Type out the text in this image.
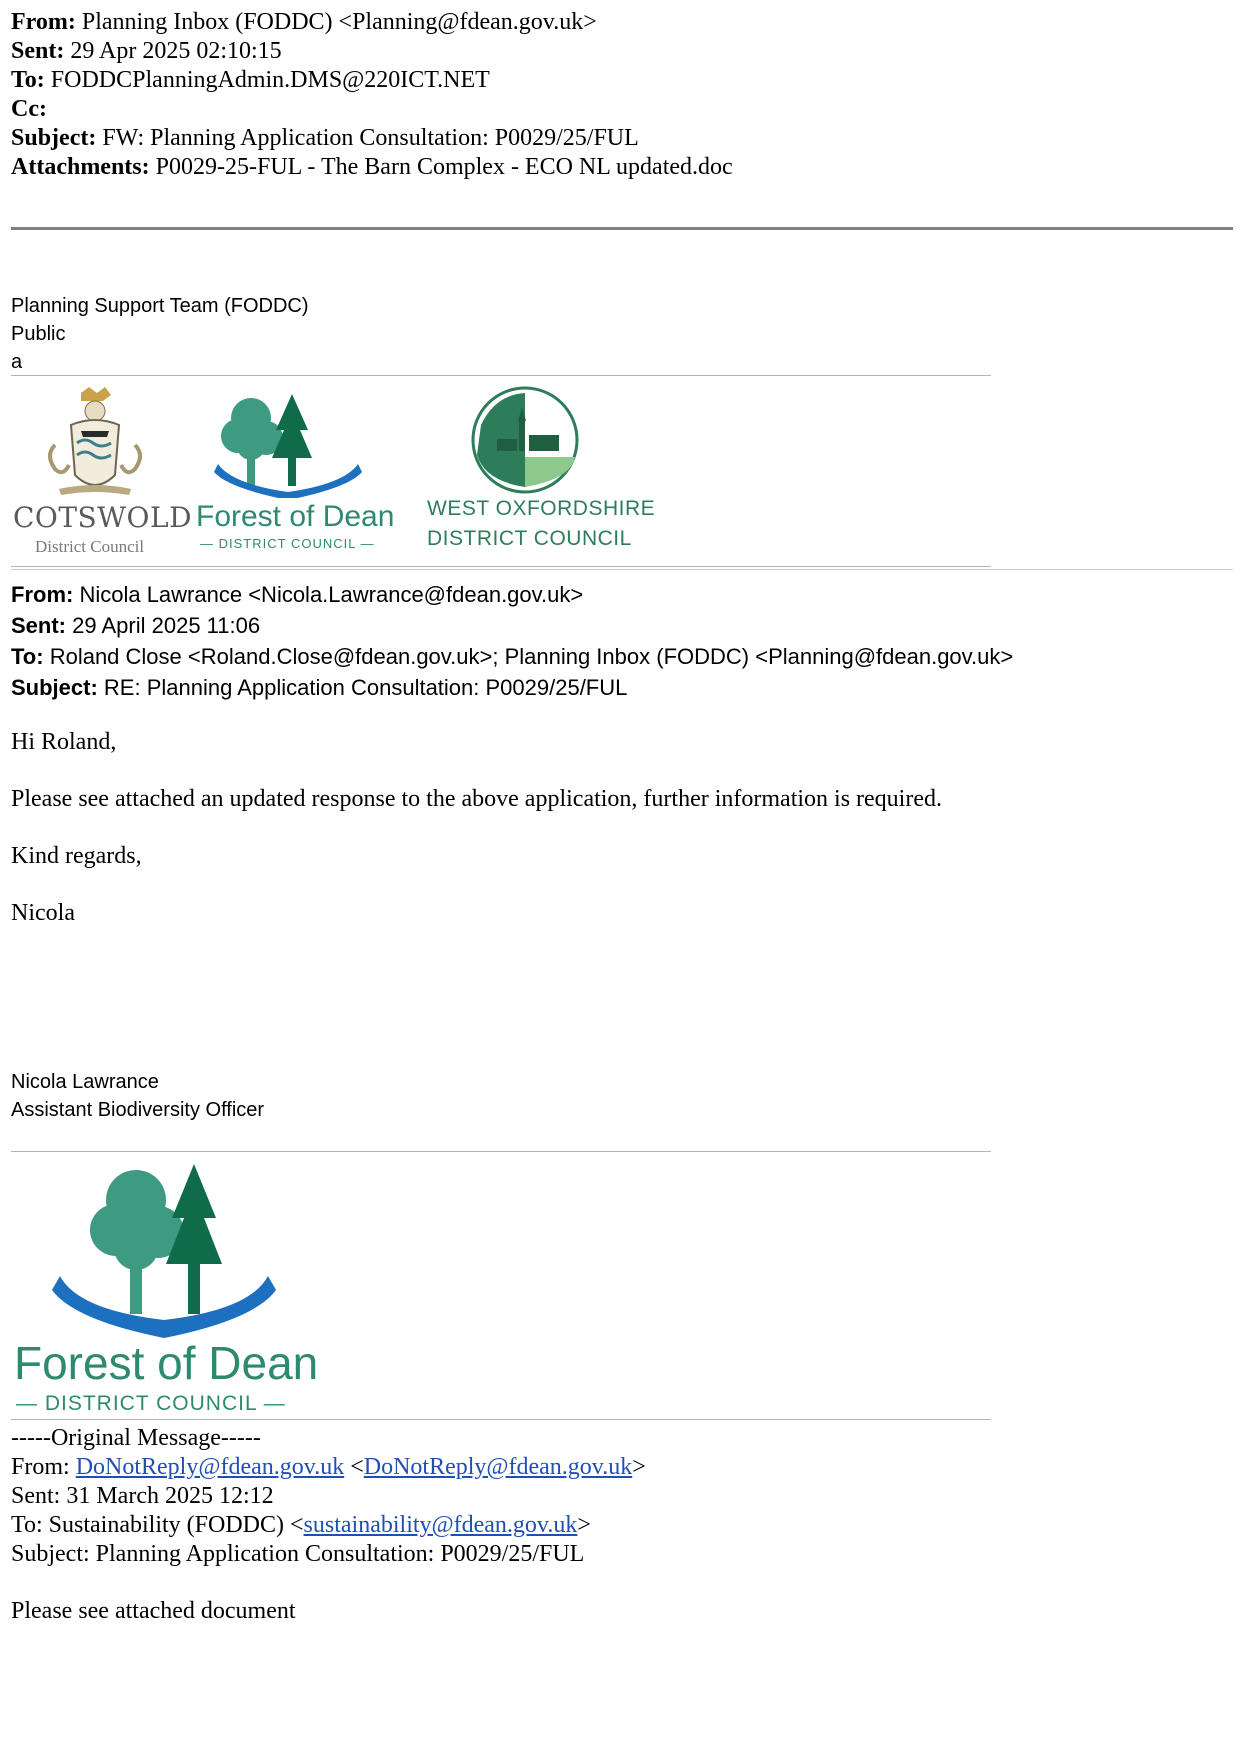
From: Planning Inbox (FODDC) <Planning@fdean.gov.uk>
Sent: 29 Apr 2025 02:10:15
To: FODDCPlanningAdmin.DMS@220ICT.NET
Cc:
Subject: FW: Planning Application Consultation: P0029/25/FUL
Attachments: P0029-25-FUL - The Barn Complex - ECO NL updated.doc
Planning Support Team (FODDC)
Public
a
COTSWOLD
District Council
Forest of Dean
— DISTRICT COUNCIL —
WEST OXFORDSHIRE
DISTRICT COUNCIL
From: Nicola Lawrance <Nicola.Lawrance@fdean.gov.uk>
Sent: 29 April 2025 11:06
To: Roland Close <Roland.Close@fdean.gov.uk>; Planning Inbox (FODDC) <Planning@fdean.gov.uk>
Subject: RE: Planning Application Consultation: P0029/25/FUL
Hi Roland,
Please see attached an updated response to the above application, further information is required.
Kind regards,
Nicola
Nicola Lawrance
Assistant Biodiversity Officer
Forest of Dean
— DISTRICT COUNCIL —
-----Original Message-----
From: DoNotReply@fdean.gov.uk <DoNotReply@fdean.gov.uk>
Sent: 31 March 2025 12:12
To: Sustainability (FODDC) <sustainability@fdean.gov.uk>
Subject: Planning Application Consultation: P0029/25/FUL
Please see attached document
